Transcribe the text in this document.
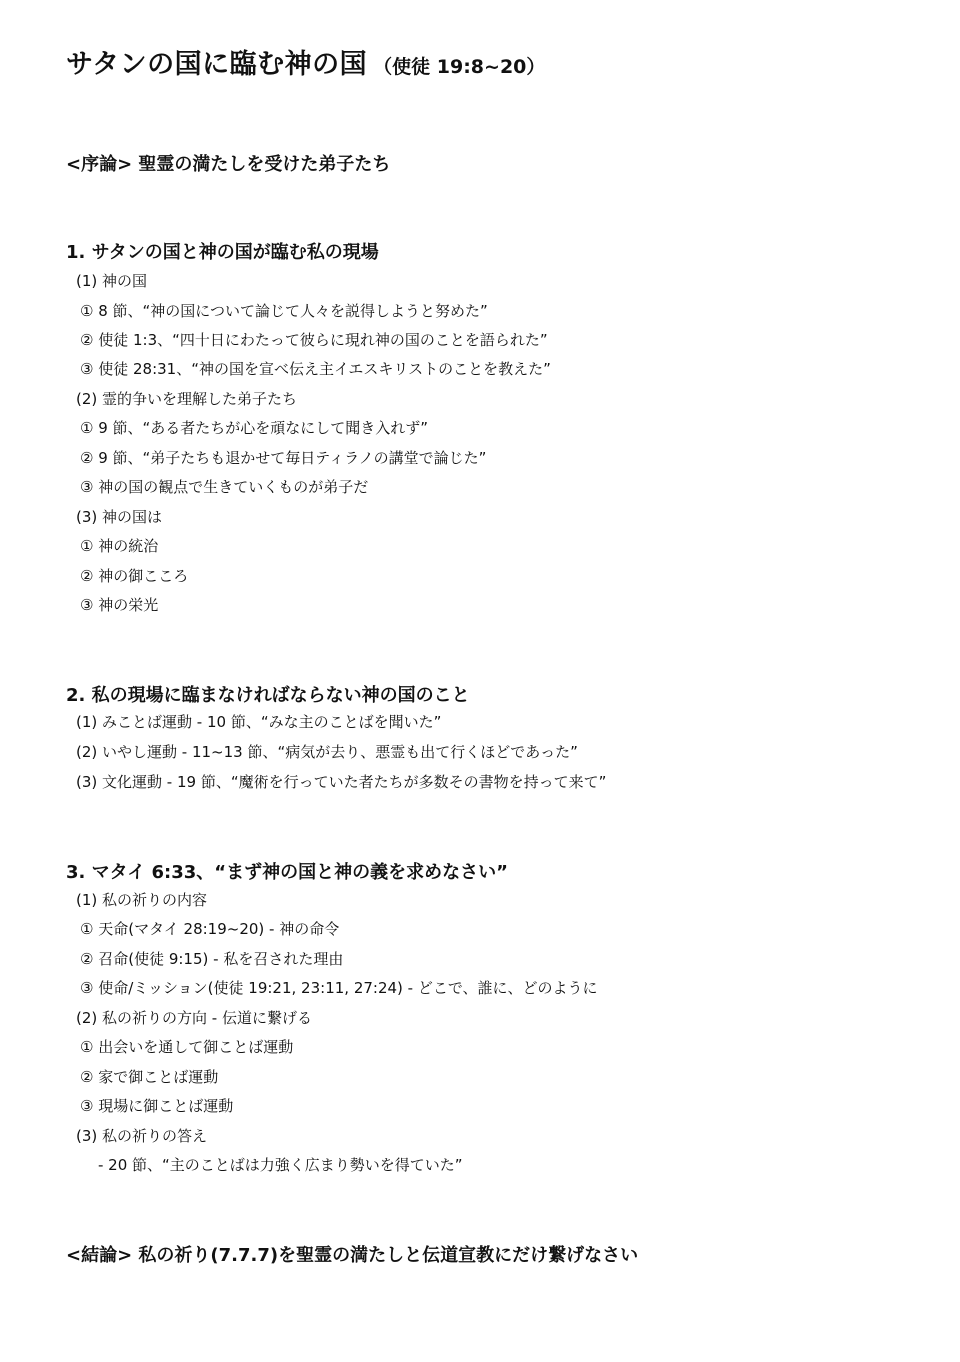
サタンの国に臨む神の国 （使徒 19:8~20）
<序論> 聖霊の満たしを受けた弟子たち
1. サタンの国と神の国が臨む私の現場
(1) 神の国
① 8 節、“神の国について論じて人々を説得しようと努めた”
② 使徒 1:3、“四十日にわたって彼らに現れ神の国のことを語られた”
③ 使徒 28:31、“神の国を宣べ伝え主イエスキリストのことを教えた”
(2) 霊的争いを理解した弟子たち
① 9 節、“ある者たちが心を頑なにして聞き入れず”
② 9 節、“弟子たちも退かせて毎日ティラノの講堂で論じた”
③ 神の国の観点で生きていくものが弟子だ
(3) 神の国は
① 神の統治
② 神の御こころ
③ 神の栄光
2. 私の現場に臨まなければならない神の国のこと
(1) みことば運動 - 10 節、“みな主のことばを聞いた”
(2) いやし運動 - 11~13 節、“病気が去り、悪霊も出て行くほどであった”
(3) 文化運動 - 19 節、“魔術を行っていた者たちが多数その書物を持って来て”
3. マタイ 6:33、“まず神の国と神の義を求めなさい”
(1) 私の祈りの内容
① 天命(マタイ 28:19~20) - 神の命令
② 召命(使徒 9:15) - 私を召された理由
③ 使命/ミッション(使徒 19:21, 23:11, 27:24) - どこで、誰に、どのように
(2) 私の祈りの方向 - 伝道に繋げる
① 出会いを通して御ことば運動
② 家で御ことば運動
③ 現場に御ことば運動
(3) 私の祈りの答え
- 20 節、“主のことばは力強く広まり勢いを得ていた”
<結論> 私の祈り(7.7.7)を聖霊の満たしと伝道宣教にだけ繋げなさい
